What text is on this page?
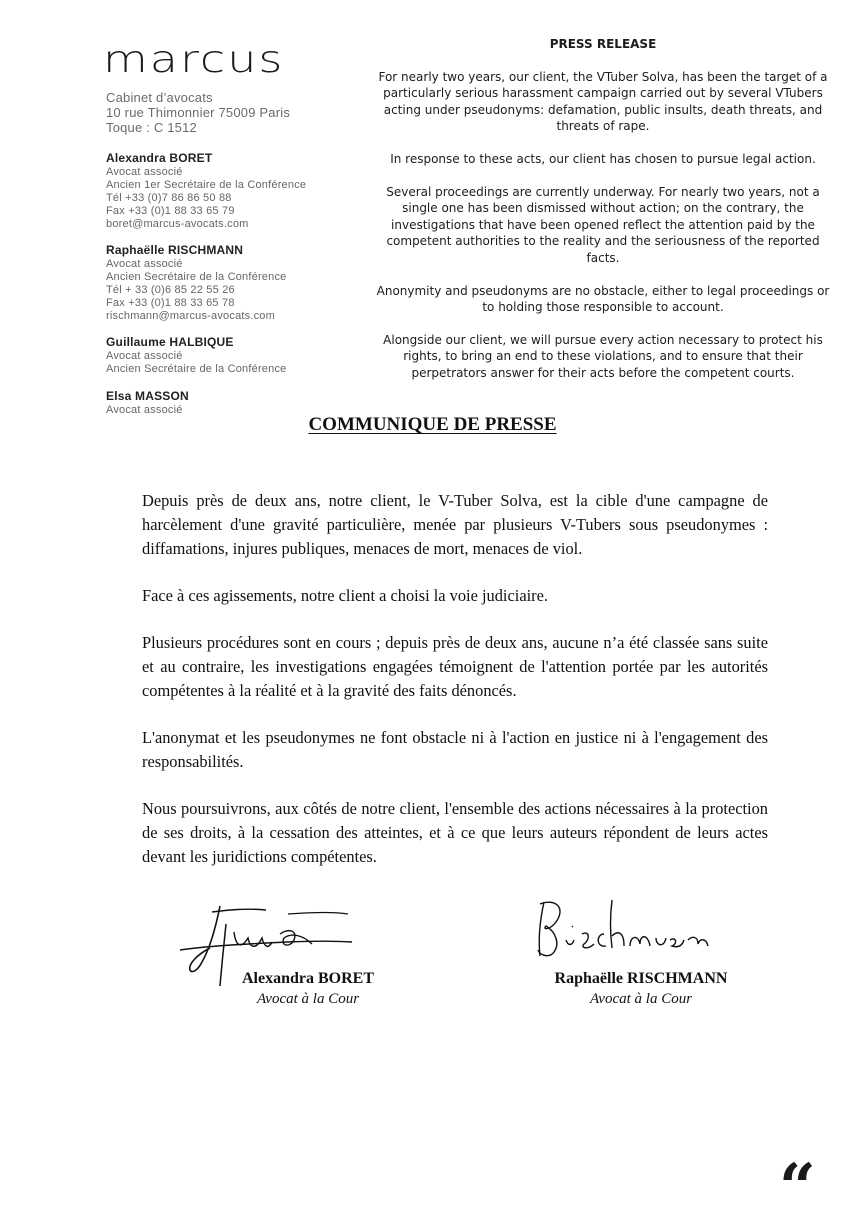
marcus
Cabinet d’avocats
10 rue Thimonnier 75009 Paris
Toque : C 1512
Alexandra BORET
Avocat associé
Ancien 1er Secrétaire de la Conférence
Tél +33 (0)7 86 86 50 88
Fax +33 (0)1 88 33 65 79
boret@marcus-avocats.com
Raphaëlle RISCHMANN
Avocat associé
Ancien Secrétaire de la Conférence
Tél + 33 (0)6 85 22 55 26
Fax +33 (0)1 88 33 65 78
rischmann@marcus-avocats.com
Guillaume HALBIQUE
Avocat associé
Ancien Secrétaire de la Conférence
Elsa MASSON
Avocat associé
PRESS RELEASE

For nearly two years, our client, the VTuber Solva, has been the target of a particularly serious harassment campaign carried out by several VTubers acting under pseudonyms: defamation, public insults, death threats, and threats of rape.

In response to these acts, our client has chosen to pursue legal action.

Several proceedings are currently underway. For nearly two years, not a single one has been dismissed without action; on the contrary, the investigations that have been opened reflect the attention paid by the competent authorities to the reality and the seriousness of the reported facts.

Anonymity and pseudonyms are no obstacle, either to legal proceedings or to holding those responsible to account.

Alongside our client, we will pursue every action necessary to protect his rights, to bring an end to these violations, and to ensure that their perpetrators answer for their acts before the competent courts.

COMMUNIQUE DE PRESSE

Depuis près de deux ans, notre client, le V-Tuber Solva, est la cible d'une campagne de harcèlement d'une gravité particulière, menée par plusieurs V-Tubers sous pseudonymes : diffamations, injures publiques, menaces de mort, menaces de viol.

Face à ces agissements, notre client a choisi la voie judiciaire.

Plusieurs procédures sont en cours ; depuis près de deux ans, aucune n’a été classée sans suite et au contraire, les investigations engagées témoignent de l'attention portée par les autorités compétentes à la réalité et à la gravité des faits dénoncés.

L'anonymat et les pseudonymes ne font obstacle ni à l'action en justice ni à l'engagement des responsabilités.

Nous poursuivrons, aux côtés de notre client, l'ensemble des actions nécessaires à la protection de ses droits, à la cessation des atteintes, et à ce que leurs auteurs répondent de leurs actes devant les juridictions compétentes.

Alexandra BORET
Avocat à la Cour
Raphaëlle RISCHMANN
Avocat à la Cour
“
